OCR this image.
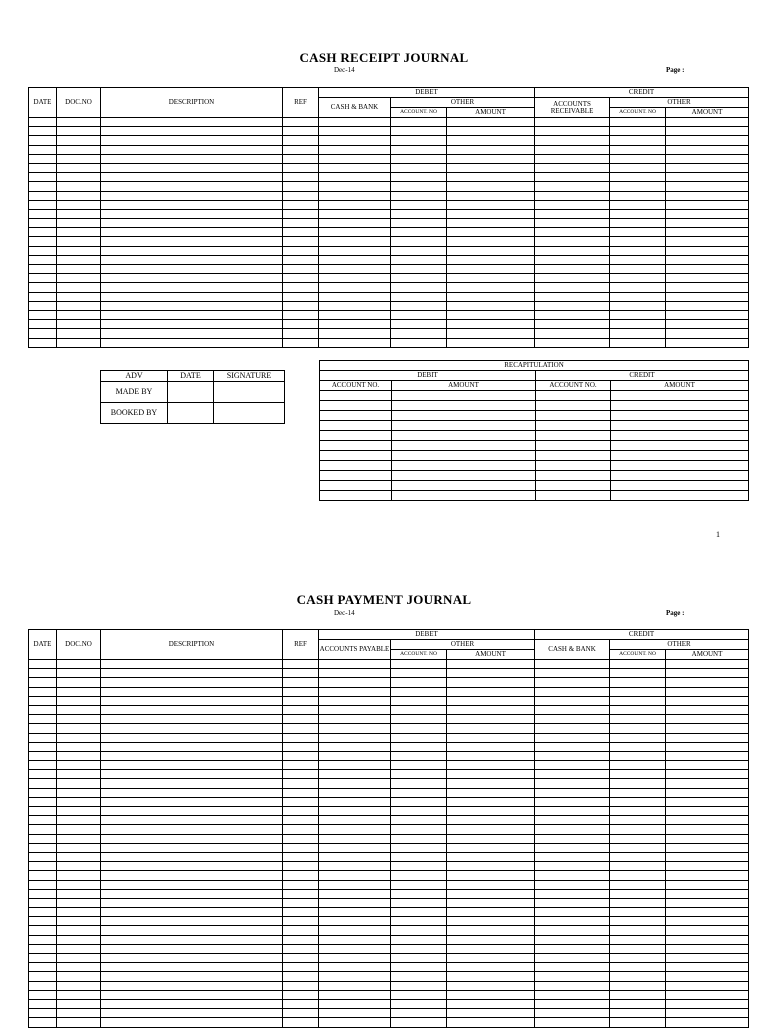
CASH RECEIPT JOURNAL
Dec-14	Page :
DATE	DOC.NO	DESCRIPTION	REF	DEBET			CREDIT		
				CASH & BANK	OTHER		ACCOUNTS RECEIVABLE	OTHER	
					ACCOUNT. NO	AMOUNT		ACCOUNT. NO	AMOUNT

ADV	DATE	SIGNATURE
MADE BY		
BOOKED BY		
RECAPITULATION			
DEBIT		CREDIT	
ACCOUNT NO.	AMOUNT	ACCOUNT NO.	AMOUNT

1
CASH PAYMENT JOURNAL
Dec-14	Page :
DATE	DOC.NO	DESCRIPTION	REF	DEBET			CREDIT		
				ACCOUNTS PAYABLE	OTHER		CASH & BANK	OTHER	
					ACCOUNT. NO	AMOUNT		ACCOUNT. NO	AMOUNT
